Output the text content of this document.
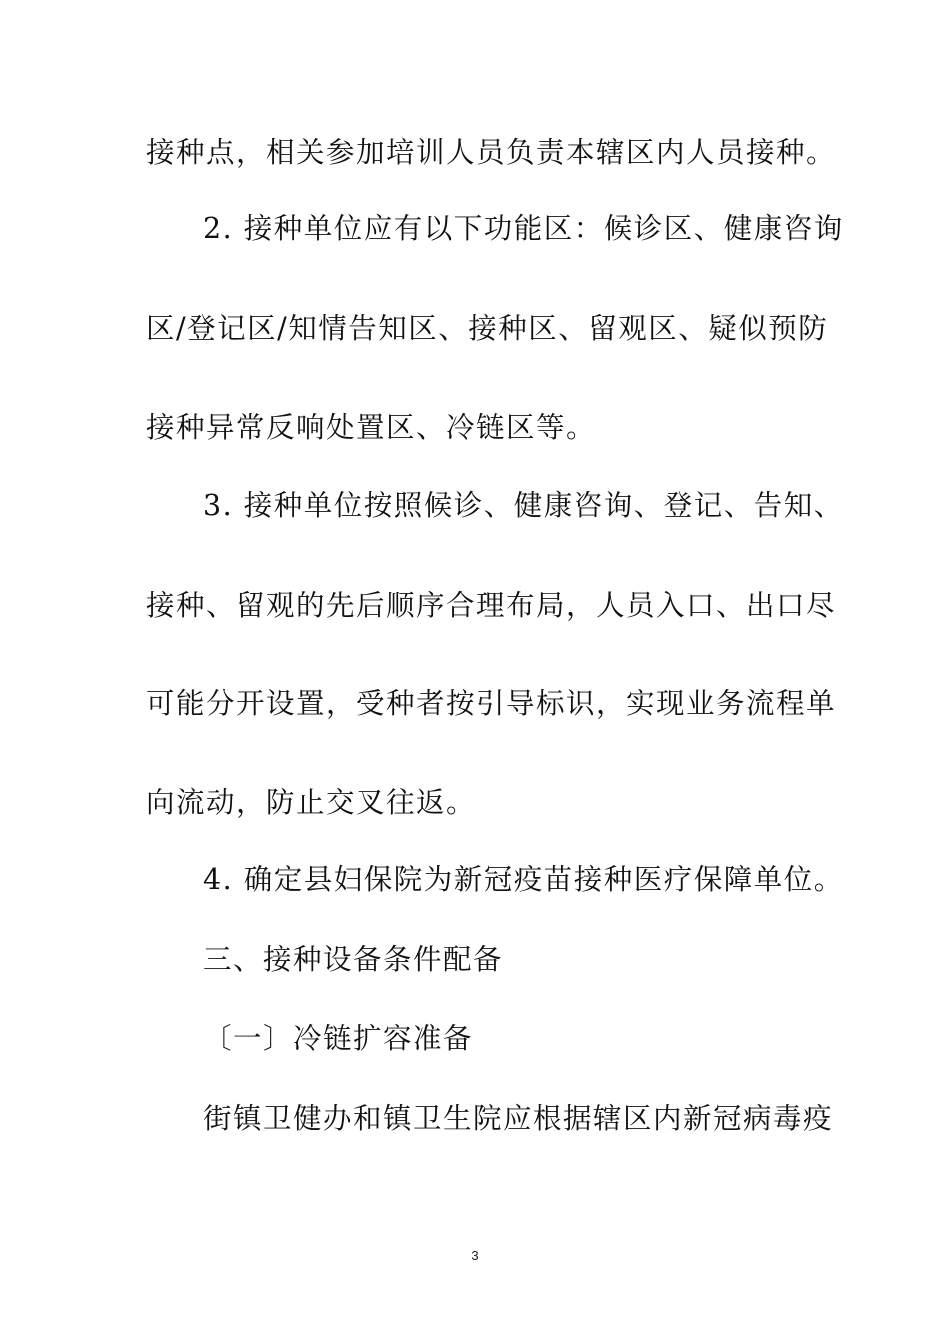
接种点，相关参加培训人员负责本辖区内人员接种。
2. 接种单位应有以下功能区：候诊区、健康咨询
区/登记区/知情告知区、接种区、留观区、疑似预防
接种异常反响处置区、冷链区等。
3. 接种单位按照候诊、健康咨询、登记、告知、
接种、留观的先后顺序合理布局，人员入口、出口尽
可能分开设置，受种者按引导标识，实现业务流程单
向流动，防止交叉往返。
4. 确定县妇保院为新冠疫苗接种医疗保障单位。
三、接种设备条件配备
〔一〕冷链扩容准备
街镇卫健办和镇卫生院应根据辖区内新冠病毒疫
3
